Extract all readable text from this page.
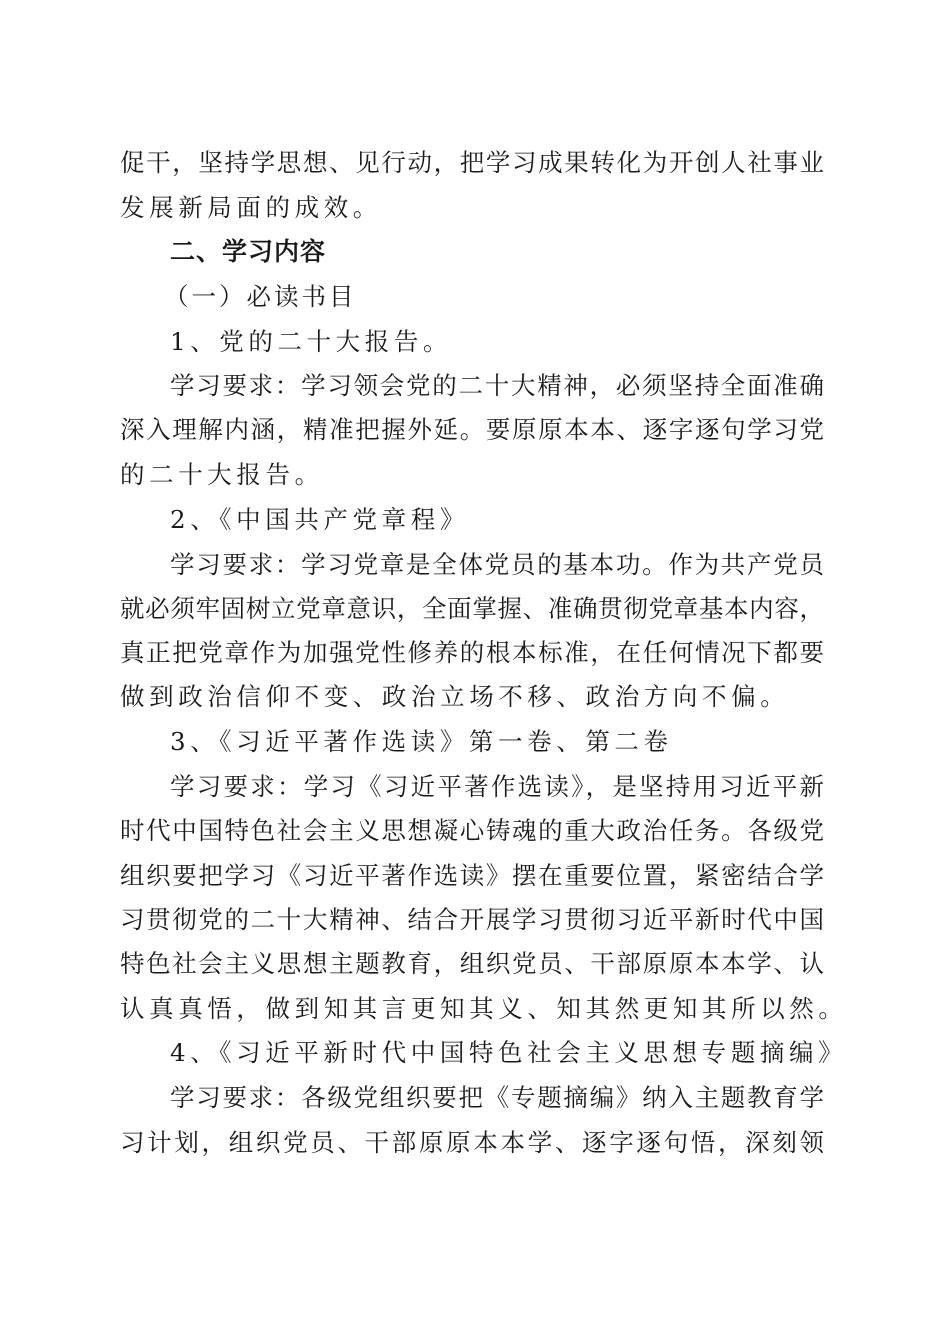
促干，坚持学思想、见行动，把学习成果转化为开创人社事业
发展新局面的成效。
二、学习内容
（一）必读书目
1、党的二十大报告。
学习要求：学习领会党的二十大精神，必须坚持全面准确
深入理解内涵，精准把握外延。要原原本本、逐字逐句学习党
的二十大报告。
2、《中国共产党章程》
学习要求：学习党章是全体党员的基本功。作为共产党员
就必须牢固树立党章意识，全面掌握、准确贯彻党章基本内容，
真正把党章作为加强党性修养的根本标准，在任何情况下都要
做到政治信仰不变、政治立场不移、政治方向不偏。
3、《习近平著作选读》第一卷、第二卷
学习要求：学习《习近平著作选读》，是坚持用习近平新
时代中国特色社会主义思想凝心铸魂的重大政治任务。各级党
组织要把学习《习近平著作选读》摆在重要位置，紧密结合学
习贯彻党的二十大精神、结合开展学习贯彻习近平新时代中国
特色社会主义思想主题教育，组织党员、干部原原本本学、认
认真真悟，做到知其言更知其义、知其然更知其所以然。
4、《习近平新时代中国特色社会主义思想专题摘编》
学习要求：各级党组织要把《专题摘编》纳入主题教育学
习计划，组织党员、干部原原本本学、逐字逐句悟，深刻领
